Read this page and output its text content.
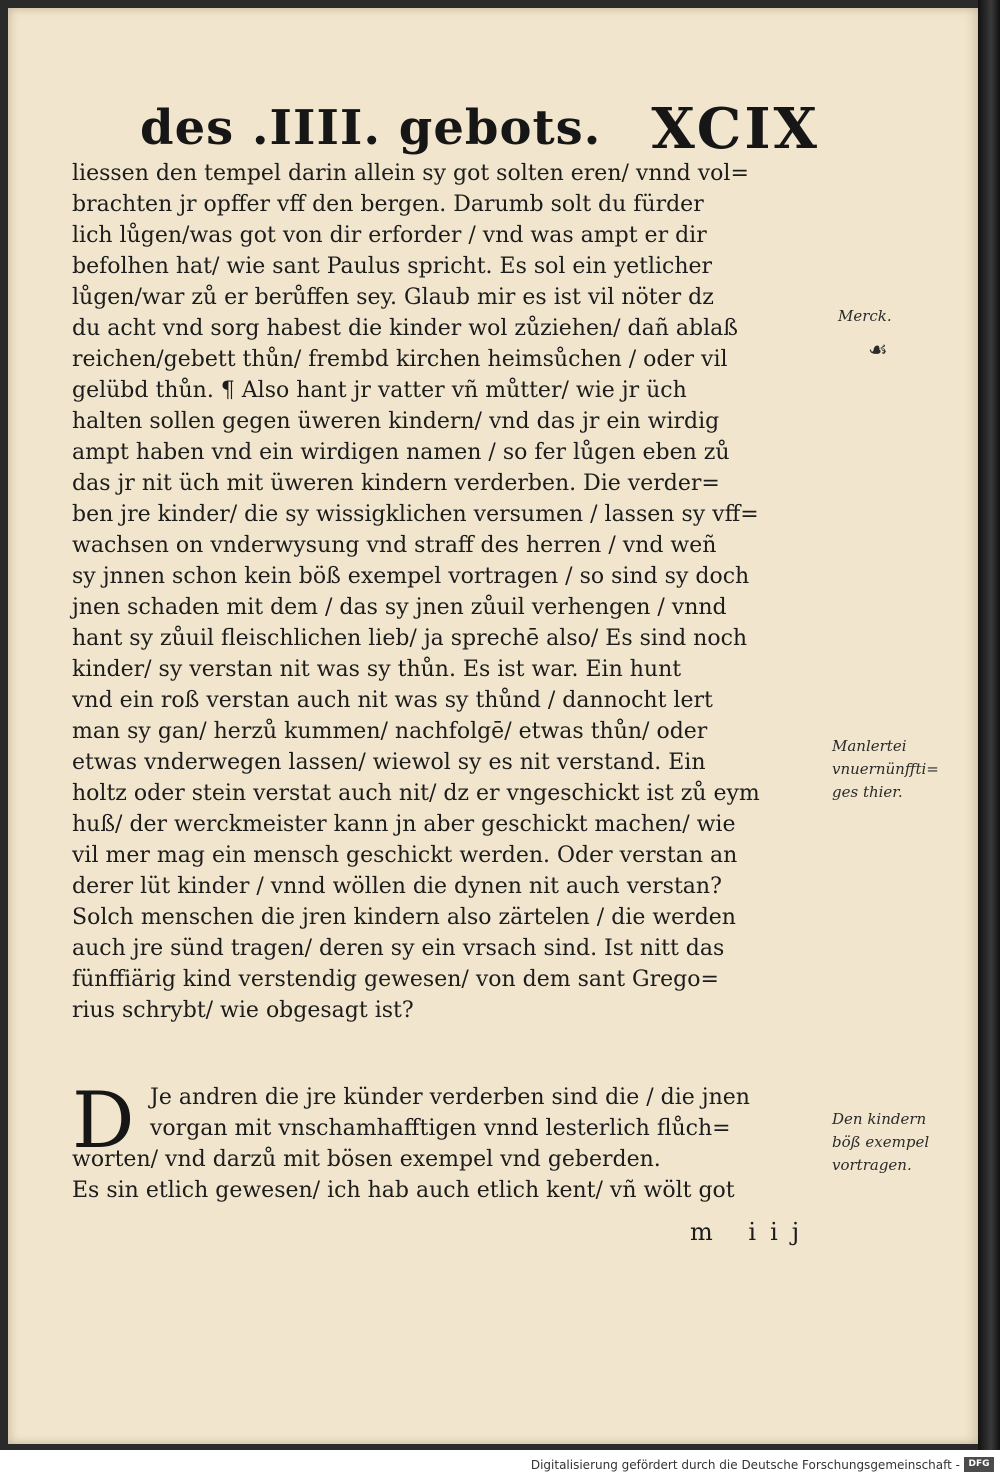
des .IIII. gebots. XCIX
liessen den tempel darin allein sy got solten eren/ vnnd vol=
brachten jr opffer vff den bergen. Darumb solt du fürder
lich lůgen/was got von dir erforder / vnd was ampt er dir
befolhen hat/ wie sant Paulus spricht. Es sol ein yetlicher
lůgen/war zů er berůffen sey. Glaub mir es ist vil nöter dz
du acht vnd sorg habest die kinder wol zůziehen/ dañ ablaß
reichen/gebett thůn/ frembd kirchen heimsůchen / oder vil
gelübd thůn. ¶ Also hant jr vatter vñ můtter/ wie jr üch
halten sollen gegen üweren kindern/ vnd das jr ein wirdig
ampt haben vnd ein wirdigen namen / so fer lůgen eben zů
das jr nit üch mit üweren kindern verderben. Die verder=
ben jre kinder/ die sy wissigklichen versumen / lassen sy vff=
wachsen on vnderwysung vnd straff des herren / vnd weñ
sy jnnen schon kein böß exempel vortragen / so sind sy doch
jnen schaden mit dem / das sy jnen zůuil verhengen / vnnd
hant sy zůuil fleischlichen lieb/ ja sprechē also/ Es sind noch
kinder/ sy verstan nit was sy thůn. Es ist war. Ein hunt
vnd ein roß verstan auch nit was sy thůnd / dannocht lert
man sy gan/ herzů kummen/ nachfolgē/ etwas thůn/ oder
etwas vnderwegen lassen/ wiewol sy es nit verstand. Ein
holtz oder stein verstat auch nit/ dz er vngeschickt ist zů eym
huß/ der werckmeister kann jn aber geschickt machen/ wie
vil mer mag ein mensch geschickt werden. Oder verstan an
derer lüt kinder / vnnd wöllen die dynen nit auch verstan?
Solch menschen die jren kindern also zärtelen / die werden
auch jre sünd tragen/ deren sy ein vrsach sind. Ist nitt das
fünffiärig kind verstendig gewesen/ von dem sant Grego=
rius schrybt/ wie obgesagt ist?
D Je andren die jre künder verderben sind die / die jnen
vorgan mit vnschamhafftigen vnnd lesterlich flůch=
worten/ vnd darzů mit bösen exempel vnd geberden.
Es sin etlich gewesen/ ich hab auch etlich kent/ vñ wölt got
Merck.
☙
Manlertei
vnuernünffti=
ges thier.
Den kindern
böß exempel
vortragen.
m iij
Digitalisierung gefördert durch die Deutsche Forschungsgemeinschaft - DFG
